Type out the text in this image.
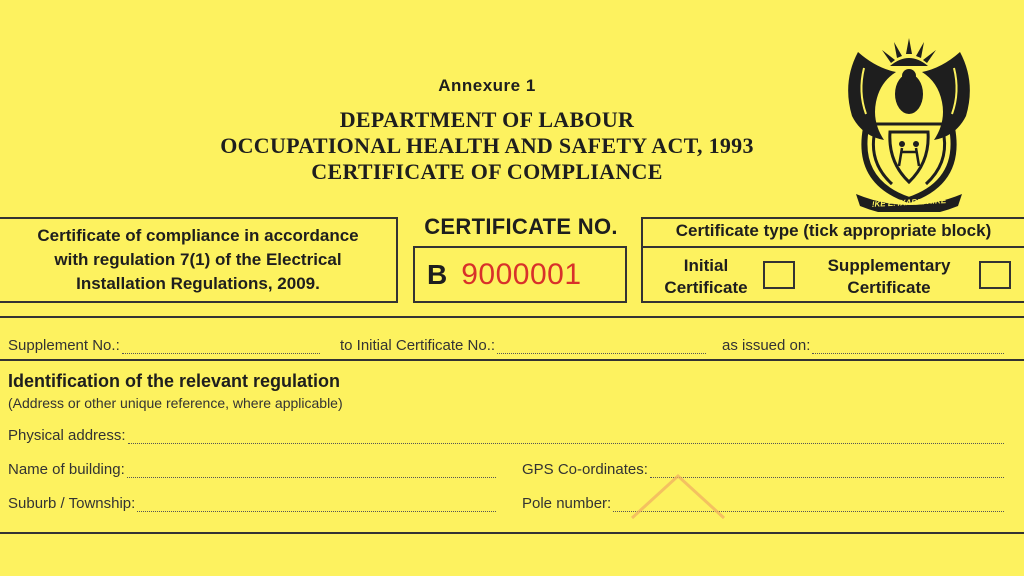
Annexure 1
DEPARTMENT OF LABOUR
OCCUPATIONAL HEALTH AND SAFETY ACT, 1993
CERTIFICATE OF COMPLIANCE
!KE E: /XARRA //KE
Certificate of compliance in accordance
with regulation 7(1) of the Electrical
Installation Regulations, 2009.
CERTIFICATE NO.
B 9000001
Certificate type (tick appropriate block)
Initial
Certificate
Supplementary
Certificate
Supplement No.:	to Initial Certificate No.:	as issued on:
Identification of the relevant regulation
(Address or other unique reference, where applicable)
Physical address:
Name of building:	GPS Co-ordinates:
Suburb / Township:	Pole number:
